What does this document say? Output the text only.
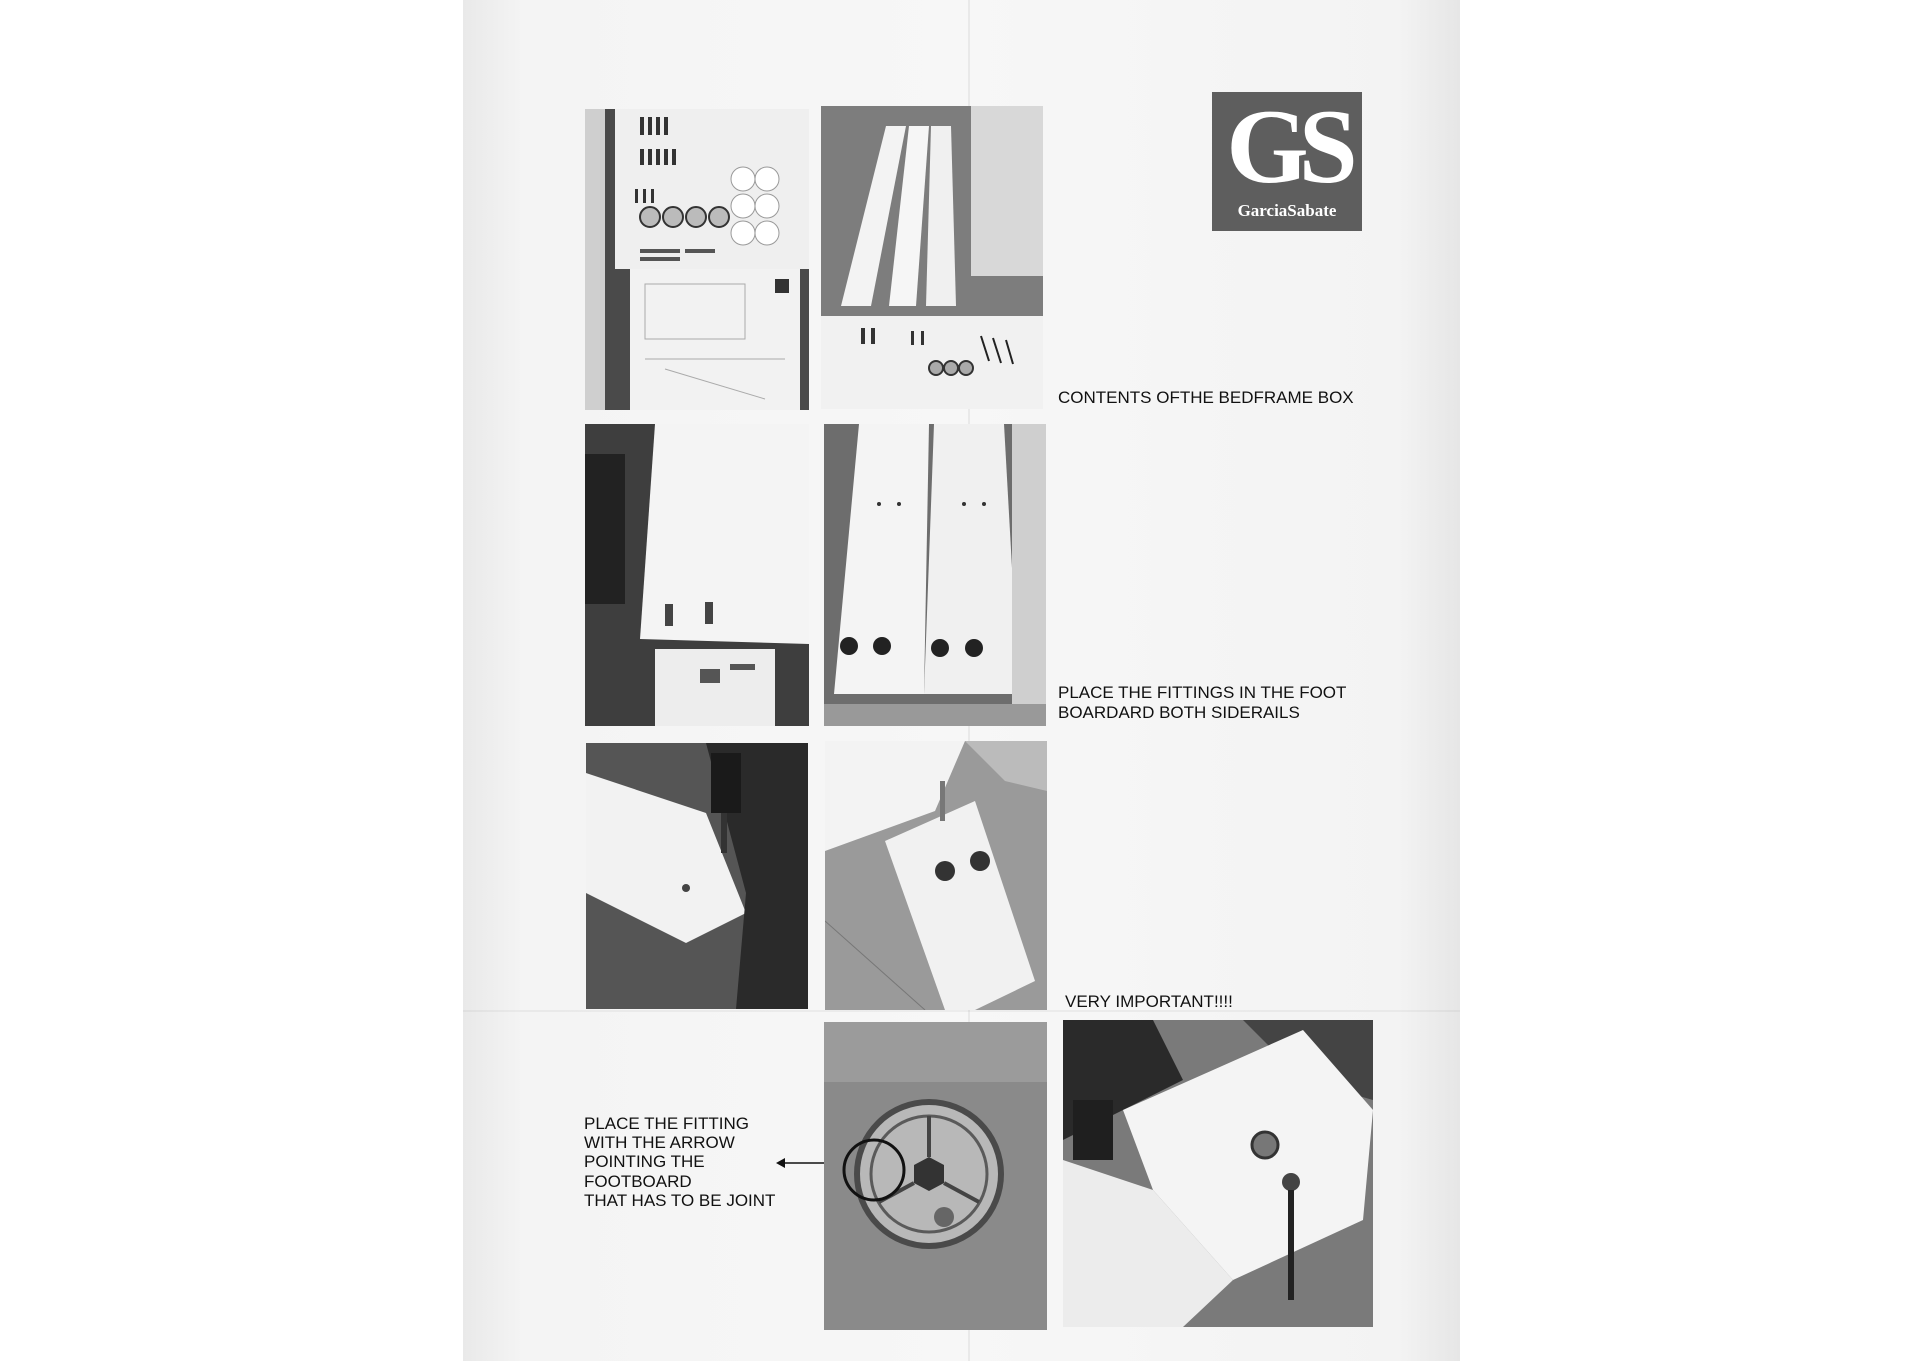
GS
GarciaSabate
CONTENTS OFTHE BEDFRAME BOX
PLACE THE FITTINGS IN THE FOOT
BOARDARD BOTH SIDERAILS
VERY IMPORTANT!!!!
PLACE THE FITTING
WITH THE ARROW
POINTING THE
FOOTBOARD
THAT HAS TO BE JOINT
